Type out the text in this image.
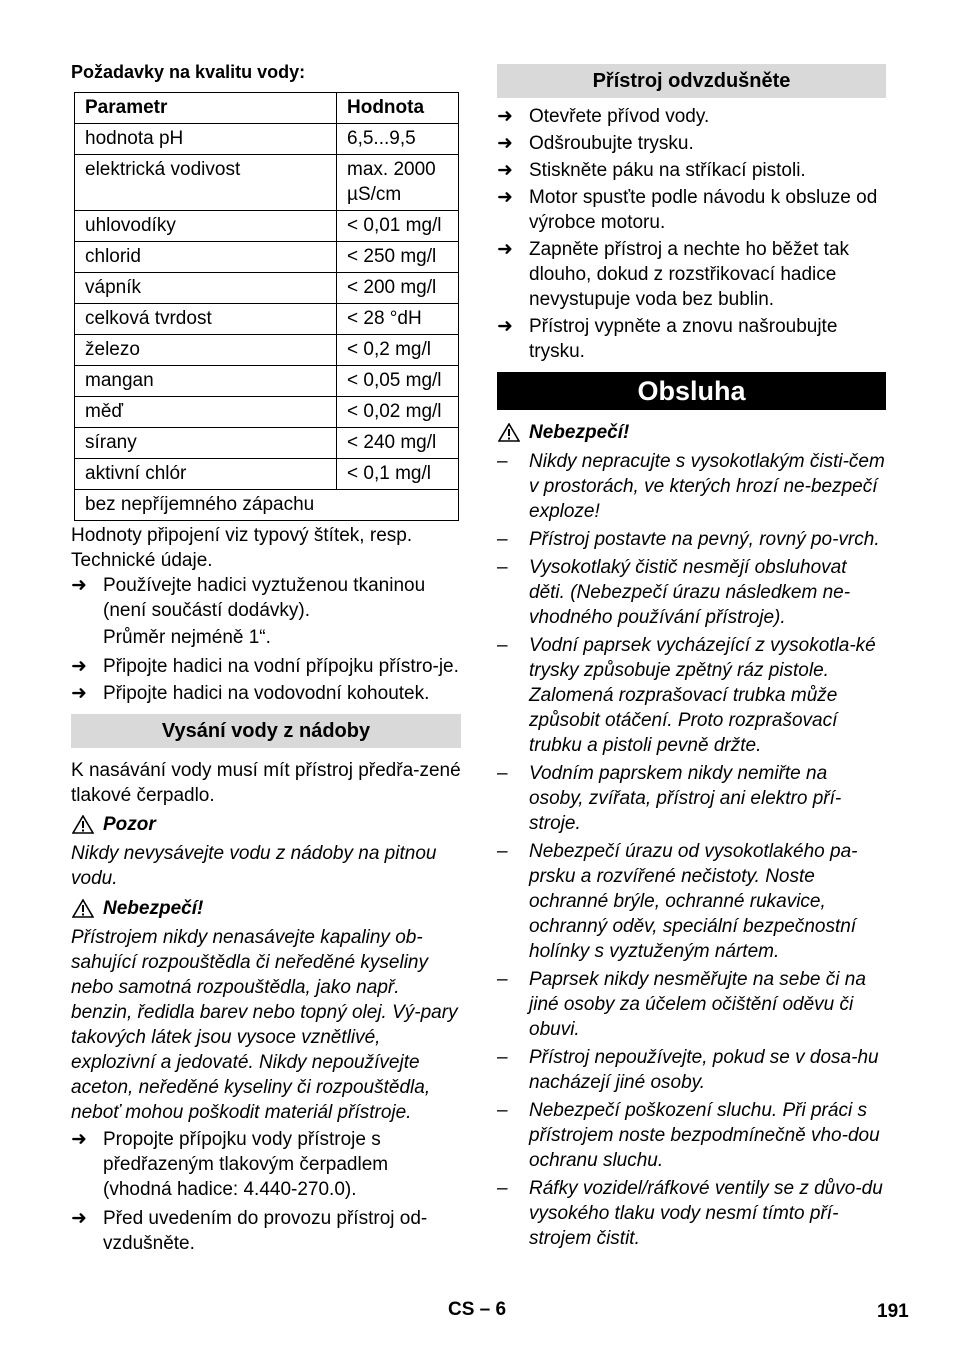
Požadavky na kvalitu vody:

Parametr	Hodnota
hodnota pH	6,5...9,5
elektrická vodivost	max. 2000 µS/cm
uhlovodíky	< 0,01 mg/l
chlorid	< 250 mg/l
vápník	< 200 mg/l
celková tvrdost	< 28 °dH
železo	< 0,2 mg/l
mangan	< 0,05 mg/l
měď	< 0,02 mg/l
sírany	< 240 mg/l
aktivní chlór	< 0,1 mg/l
bez nepříjemného zápachu	

Hodnoty připojení viz typový štítek, resp. Technické údaje.

➜ Používejte hadici vyztuženou tkaninou (není součástí dodávky).
Průměr nejméně 1“.
➜ Připojte hadici na vodní přípojku přístro-je.
➜ Připojte hadici na vodovodní kohoutek.
Vysání vody z nádoby

K nasávání vody musí mít přístroj předřa-zené tlakové čerpadlo.

Pozor

Nikdy nevysávejte vodu z nádoby na pitnou vodu.

Nebezpečí!

Přístrojem nikdy nenasávejte kapaliny ob-sahující rozpouštědla či neředěné kyseliny nebo samotná rozpouštědla, jako např. benzin, ředidla barev nebo topný olej. Vý-pary takových látek jsou vysoce vznětlivé, explozivní a jedovaté. Nikdy nepoužívejte aceton, neředěné kyseliny či rozpouštědla, neboť mohou poškodit materiál přístroje.

➜ Propojte přípojku vody přístroje s předřazeným tlakovým čerpadlem (vhodná hadice: 4.440-270.0).
➜ Před uvedením do provozu přístroj od-vzdušněte.
Přístroj odvzdušněte
➜ Otevřete přívod vody.
➜ Odšroubujte trysku.
➜ Stiskněte páku na stříkací pistoli.
➜ Motor spusťte podle návodu k obsluze od výrobce motoru.
➜ Zapněte přístroj a nechte ho běžet tak dlouho, dokud z rozstřikovací hadice nevystupuje voda bez bublin.
➜ Přístroj vypněte a znovu našroubujte trysku.
Obsluha
Nebezpečí!
– Nikdy nepracujte s vysokotlakým čisti-čem v prostorách, ve kterých hrozí ne-bezpečí exploze!
– Přístroj postavte na pevný, rovný po-vrch.
– Vysokotlaký čistič nesmějí obsluhovat děti. (Nebezpečí úrazu následkem ne-vhodného používání přístroje).
– Vodní paprsek vycházející z vysokotla-ké trysky způsobuje zpětný ráz pistole. Zalomená rozprašovací trubka může způsobit otáčení. Proto rozprašovací trubku a pistoli pevně držte.
– Vodním paprskem nikdy nemiřte na osoby, zvířata, přístroj ani elektro pří-stroje.
– Nebezpečí úrazu od vysokotlakého pa-prsku a rozvířené nečistoty. Noste ochranné brýle, ochranné rukavice, ochranný oděv, speciální bezpečnostní holínky s vyztuženým nártem.
– Paprsek nikdy nesměřujte na sebe či na jiné osoby za účelem očištění oděvu či obuvi.
– Přístroj nepoužívejte, pokud se v dosa-hu nacházejí jiné osoby.
– Nebezpečí poškození sluchu. Při práci s přístrojem noste bezpodmínečně vho-dou ochranu sluchu.
– Ráfky vozidel/ráfkové ventily se z důvo-du vysokého tlaku vody nesmí tímto pří-strojem čistit.
CS – 6	191
